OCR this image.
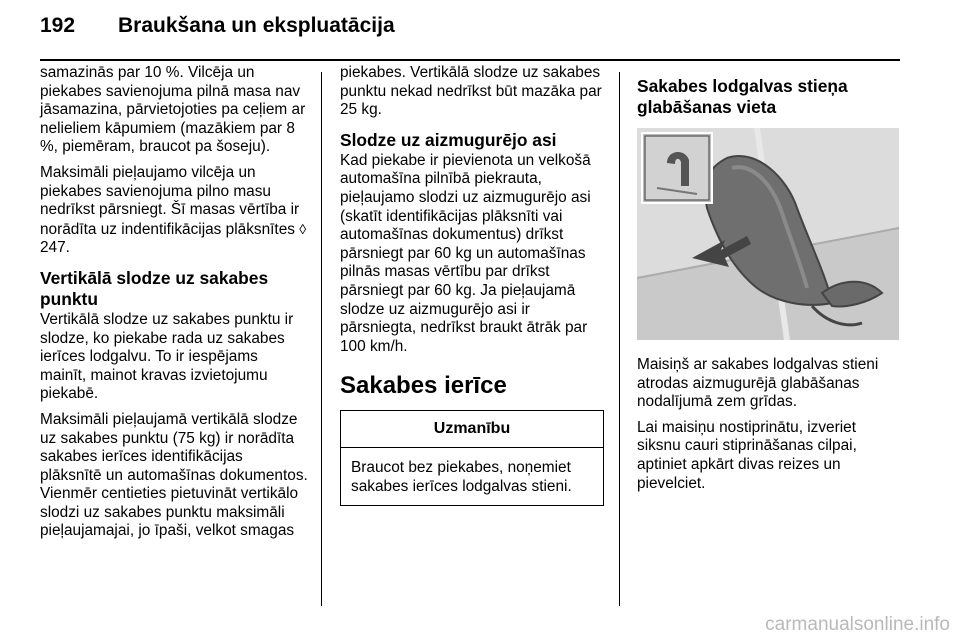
192	Braukšana un ekspluatācija

samazinās par 10 %. Vilcēja un piekabes savienojuma pilnā masa nav jāsamazina, pārvietojoties pa ceļiem ar nelieliem kāpumiem (mazākiem par 8 %, piemēram, braucot pa šoseju).

Maksimāli pieļaujamo vilcēja un piekabes savienojuma pilno masu nedrīkst pārsniegt. Šī masas vērtība ir norādīta uz indentifikācijas plāksnītes ◊ 247.

Vertikālā slodze uz sakabes punktu

Vertikālā slodze uz sakabes punktu ir slodze, ko piekabe rada uz sakabes ierīces lodgalvu. To ir iespējams mainīt, mainot kravas izvietojumu piekabē.

Maksimāli pieļaujamā vertikālā slodze uz sakabes punktu (75 kg) ir norādīta sakabes ierīces identifikācijas plāksnītē un automašīnas dokumentos. Vienmēr centieties pietuvināt vertikālo slodzi uz sakabes punktu maksimāli pieļaujamajai, jo īpaši, velkot smagas

piekabes. Vertikālā slodze uz sakabes punktu nekad nedrīkst būt mazāka par 25 kg.

Slodze uz aizmugurējo asi

Kad piekabe ir pievienota un velkošā automašīna pilnībā piekrauta, pieļaujamo slodzi uz aizmugurējo asi (skatīt identifikācijas plāksnīti vai automašīnas dokumentus) drīkst pārsniegt par 60 kg un automašīnas pilnās masas vērtību par drīkst pārsniegt par 60 kg. Ja pieļaujamā slodze uz aizmugurējo asi ir pārsniegta, nedrīkst braukt ātrāk par 100 km/h.

Sakabes ierīce
Uzmanību
Braucot bez piekabes, noņemiet sakabes ierīces lodgalvas stieni.
Sakabes lodgalvas stieņa glabāšanas vieta

Maisiņš ar sakabes lodgalvas stieni atrodas aizmugurējā glabāšanas nodalījumā zem grīdas.

Lai maisiņu nostiprinātu, izveriet siksnu cauri stiprināšanas cilpai, aptiniet apkārt divas reizes un pievelciet.

carmanualsonline.info
